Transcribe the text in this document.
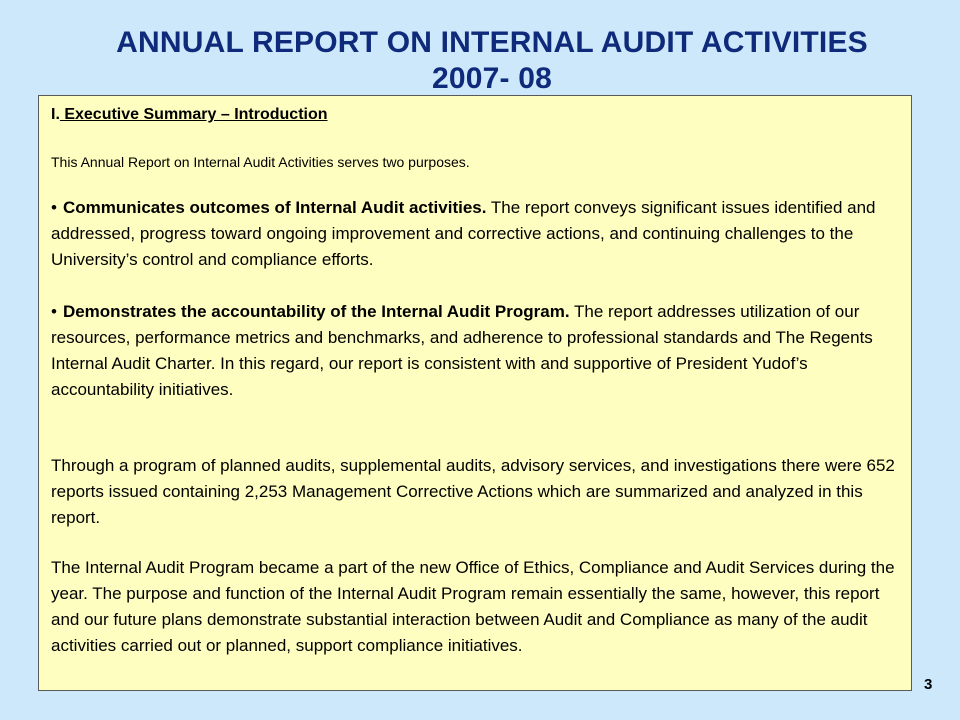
ANNUAL REPORT ON INTERNAL AUDIT ACTIVITIES
2007- 08
I. Executive Summary – Introduction
This Annual Report on Internal Audit Activities serves two purposes.
• Communicates outcomes of Internal Audit activities. The report conveys significant issues identified and addressed, progress toward ongoing improvement and corrective actions, and continuing challenges to the University’s control and compliance efforts.
• Demonstrates the accountability of the Internal Audit Program. The report addresses utilization of our resources, performance metrics and benchmarks, and adherence to professional standards and The Regents Internal Audit Charter. In this regard, our report is consistent with and supportive of President Yudof’s accountability initiatives.
Through a program of planned audits, supplemental audits, advisory services, and investigations there were 652 reports issued containing 2,253 Management Corrective Actions which are summarized and analyzed in this report.
The Internal Audit Program became a part of the new Office of Ethics, Compliance and Audit Services during the year. The purpose and function of the Internal Audit Program remain essentially the same, however, this report and our future plans demonstrate substantial interaction between Audit and Compliance as many of the audit activities carried out or planned, support compliance initiatives.
3
